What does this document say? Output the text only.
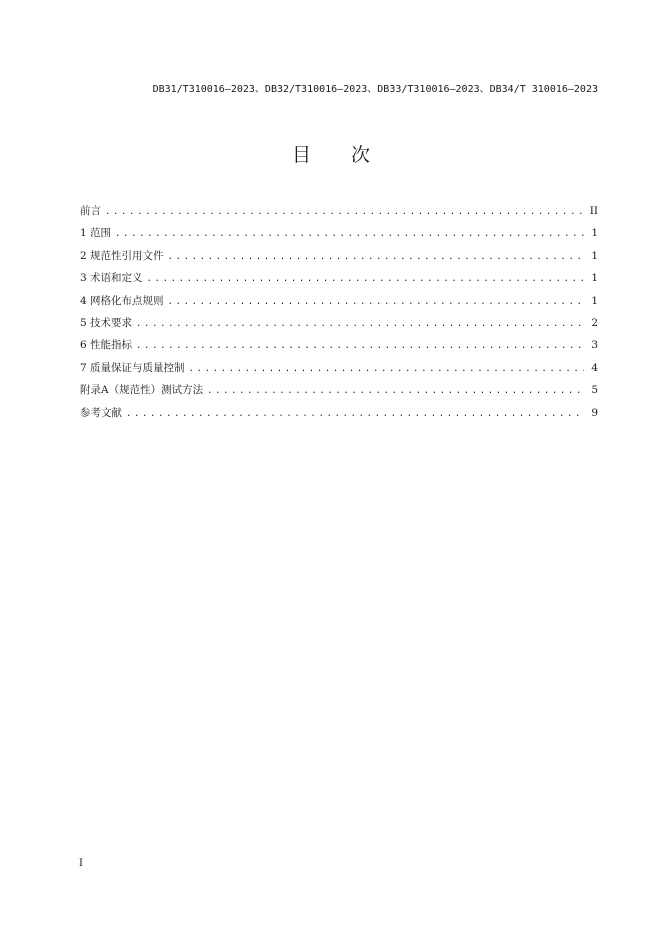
DB31/T310016—2023、DB32/T310016—2023、DB33/T310016—2023、DB34/T 310016—2023
目 次
前言 .....	II
1 范围 .....	1
2 规范性引用文件 .....	1
3 术语和定义 .....	1
4 网格化布点规则 .....	1
5 技术要求 .....	2
6 性能指标 .....	3
7 质量保证与质量控制 .....	4
附录A（规范性）测试方法 .....	5
参考文献 .....	9
I
